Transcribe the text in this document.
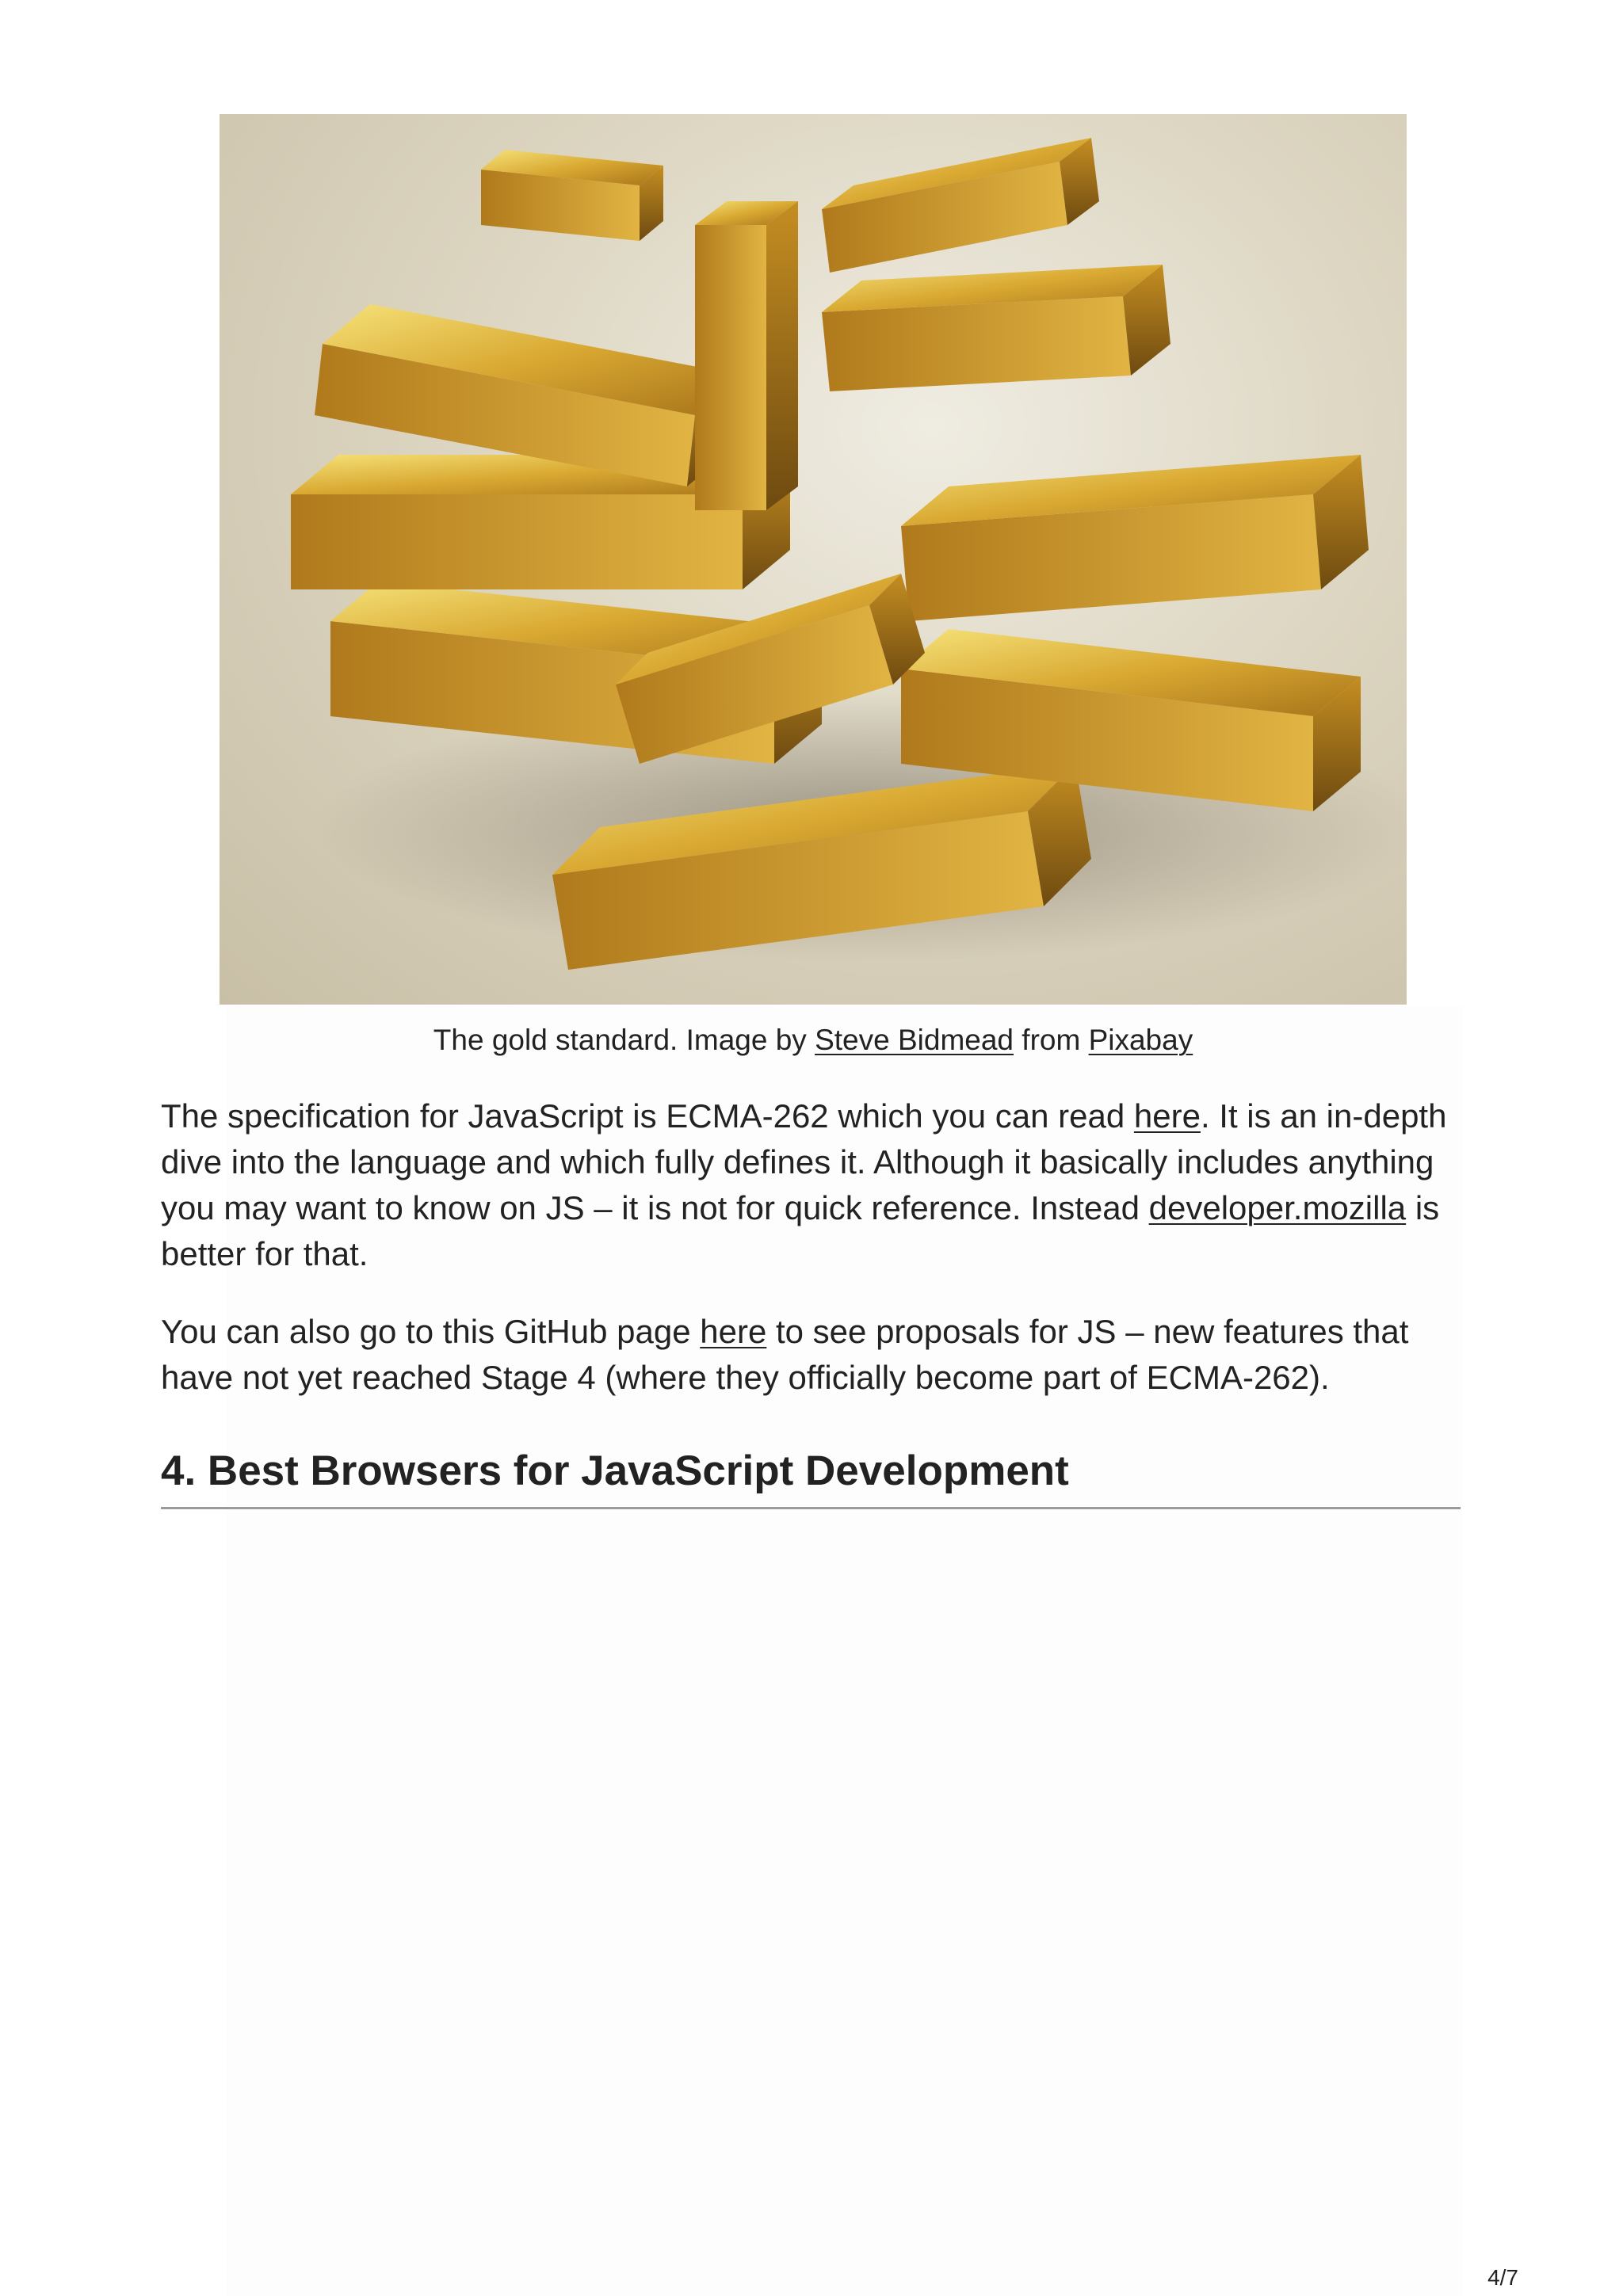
The gold standard. Image by Steve Bidmead from Pixabay

The specification for JavaScript is ECMA-262 which you can read here. It is an in-depth dive into the language and which fully defines it. Although it basically includes anything you may want to know on JS – it is not for quick reference. Instead developer.mozilla is better for that.

You can also go to this GitHub page here to see proposals for JS – new features that have not yet reached Stage 4 (where they officially become part of ECMA-262).

4. Best Browsers for JavaScript Development
4/7
